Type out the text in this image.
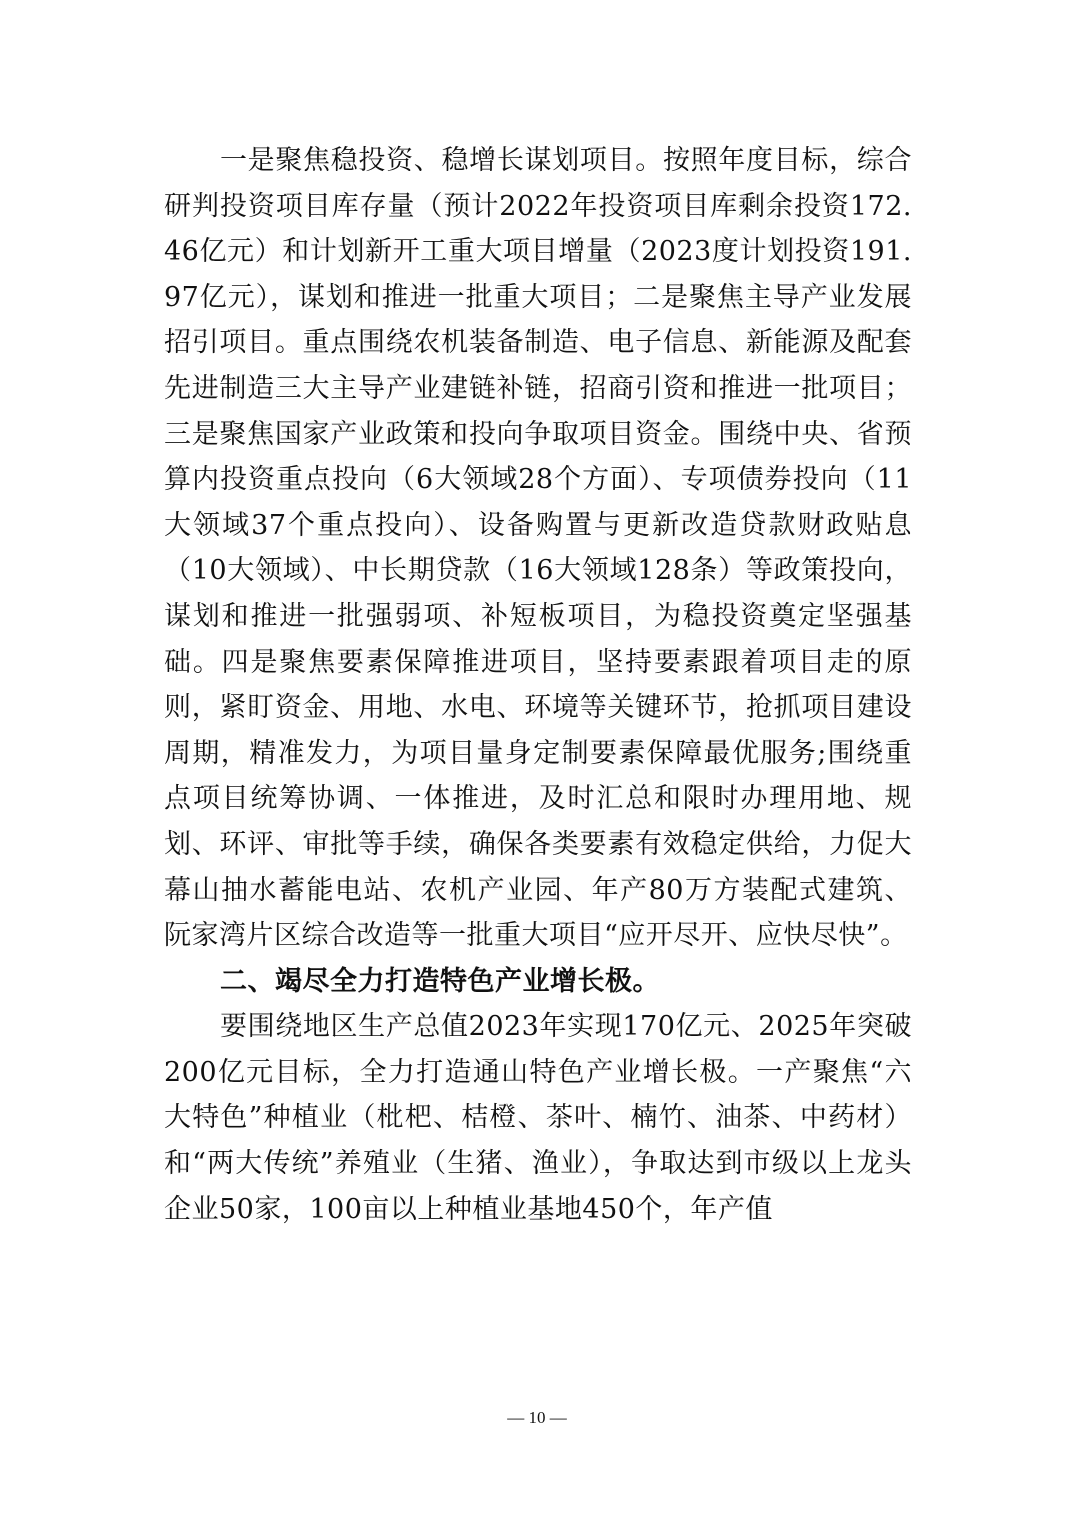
一是聚焦稳投资、稳增长谋划项目。按照年度目标，综合研判投资项目库存量（预计2022年投资项目库剩余投资172.46亿元）和计划新开工重大项目增量（2023度计划投资191.97亿元），谋划和推进一批重大项目；二是聚焦主导产业发展招引项目。重点围绕农机装备制造、电子信息、新能源及配套先进制造三大主导产业建链补链，招商引资和推进一批项目；三是聚焦国家产业政策和投向争取项目资金。围绕中央、省预算内投资重点投向（6大领域28个方面）、专项债券投向（11大领域37个重点投向）、设备购置与更新改造贷款财政贴息（10大领域）、中长期贷款（16大领域128条）等政策投向，谋划和推进一批强弱项、补短板项目，为稳投资奠定坚强基础。四是聚焦要素保障推进项目，坚持要素跟着项目走的原则，紧盯资金、用地、水电、环境等关键环节，抢抓项目建设周期，精准发力，为项目量身定制要素保障最优服务;围绕重点项目统筹协调、一体推进，及时汇总和限时办理用地、规划、环评、审批等手续，确保各类要素有效稳定供给，力促大幕山抽水蓄能电站、农机产业园、年产80万方装配式建筑、阮家湾片区综合改造等一批重大项目“应开尽开、应快尽快”。

二、竭尽全力打造特色产业增长极。

要围绕地区生产总值2023年实现170亿元、2025年突破200亿元目标，全力打造通山特色产业增长极。一产聚焦“六大特色”种植业（枇杷、桔橙、茶叶、楠竹、油茶、中药材）和“两大传统”养殖业（生猪、渔业），争取达到市级以上龙头企业50家，100亩以上种植业基地450个，年产值

— 10 —
